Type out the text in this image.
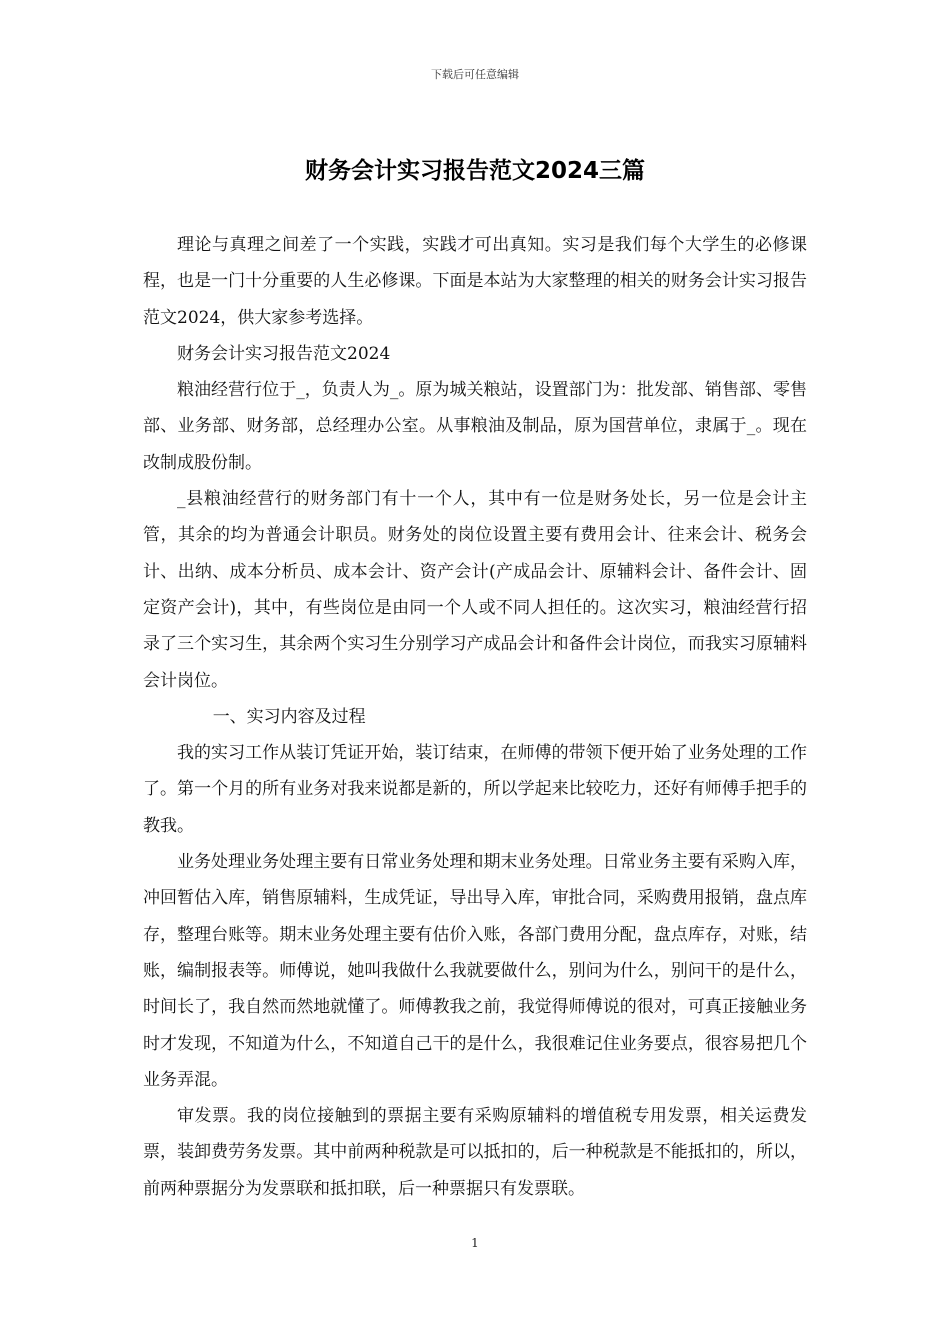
下载后可任意编辑
财务会计实习报告范文2024三篇

理论与真理之间差了一个实践，实践才可出真知。实习是我们每个大学生的必修课程，也是一门十分重要的人生必修课。下面是本站为大家整理的相关的财务会计实习报告范文2024，供大家参考选择。

财务会计实习报告范文2024

粮油经营行位于_，负责人为_。原为城关粮站，设置部门为：批发部、销售部、零售部、业务部、财务部，总经理办公室。从事粮油及制品，原为国营单位，隶属于_。现在改制成股份制。

_县粮油经营行的财务部门有十一个人，其中有一位是财务处长，另一位是会计主管，其余的均为普通会计职员。财务处的岗位设置主要有费用会计、往来会计、税务会计、出纳、成本分析员、成本会计、资产会计(产成品会计、原辅料会计、备件会计、固定资产会计)，其中，有些岗位是由同一个人或不同人担任的。这次实习，粮油经营行招录了三个实习生，其余两个实习生分别学习产成品会计和备件会计岗位，而我实习原辅料会计岗位。

一、实习内容及过程

我的实习工作从装订凭证开始，装订结束，在师傅的带领下便开始了业务处理的工作了。第一个月的所有业务对我来说都是新的，所以学起来比较吃力，还好有师傅手把手的教我。

业务处理业务处理主要有日常业务处理和期末业务处理。日常业务主要有采购入库，冲回暂估入库，销售原辅料，生成凭证，导出导入库，审批合同，采购费用报销，盘点库存，整理台账等。期末业务处理主要有估价入账，各部门费用分配，盘点库存，对账，结账，编制报表等。师傅说，她叫我做什么我就要做什么，别问为什么，别问干的是什么，时间长了，我自然而然地就懂了。师傅教我之前，我觉得师傅说的很对，可真正接触业务时才发现，不知道为什么，不知道自己干的是什么，我很难记住业务要点，很容易把几个业务弄混。

审发票。我的岗位接触到的票据主要有采购原辅料的增值税专用发票，相关运费发票，装卸费劳务发票。其中前两种税款是可以抵扣的，后一种税款是不能抵扣的，所以，前两种票据分为发票联和抵扣联，后一种票据只有发票联。

1
